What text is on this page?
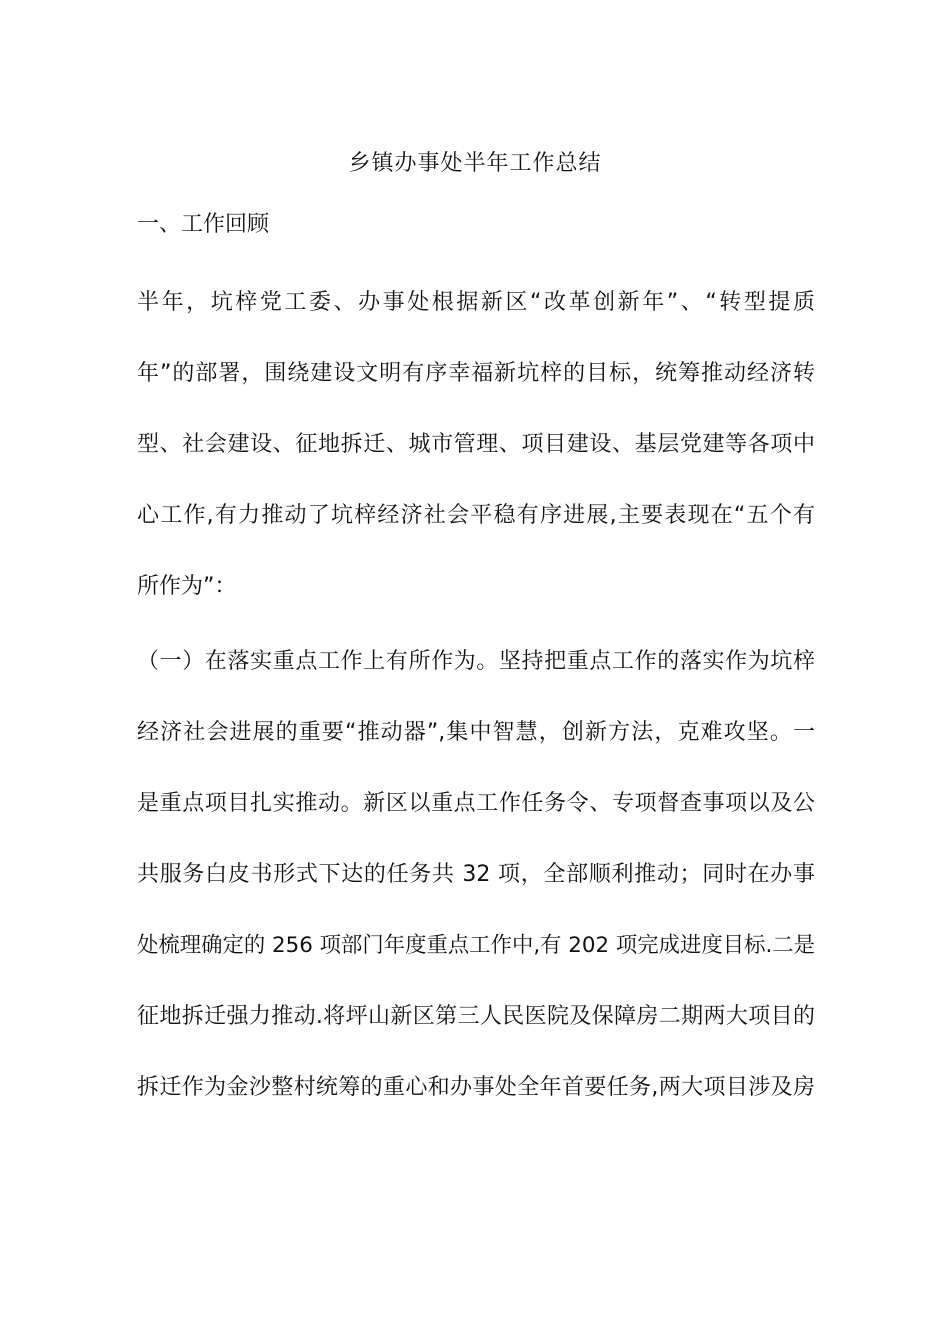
乡镇办事处半年工作总结
一、工作回顾
半年，坑梓党工委、办事处根据新区“改革创新年”、“转型提质
年”的部署，围绕建设文明有序幸福新坑梓的目标，统筹推动经济转
型、社会建设、征地拆迁、城市管理、项目建设、基层党建等各项中
心工作,有力推动了坑梓经济社会平稳有序进展,主要表现在“五个有
所作为”：
（一）在落实重点工作上有所作为。坚持把重点工作的落实作为坑梓
经济社会进展的重要“推动器”,集中智慧，创新方法，克难攻坚。一
是重点项目扎实推动。新区以重点工作任务令、专项督查事项以及公
共服务白皮书形式下达的任务共 32 项，全部顺利推动；同时在办事
处梳理确定的 256 项部门年度重点工作中,有 202 项完成进度目标.二是
征地拆迁强力推动.将坪山新区第三人民医院及保障房二期两大项目的
拆迁作为金沙整村统筹的重心和办事处全年首要任务,两大项目涉及房
